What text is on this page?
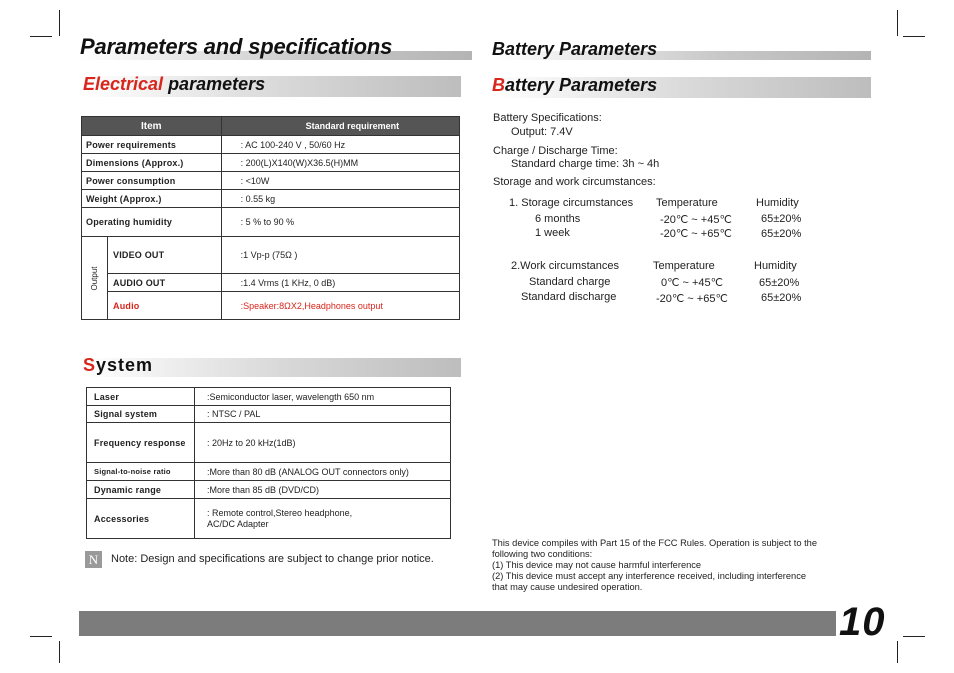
Parameters and specifications	Battery Parameters
Electrical parameters
Item		Standard requirement

Power requirements		: AC 100-240 V , 50/60 Hz
Dimensions (Approx.)		: 200(L)X140(W)X36.5(H)MM
Power consumption		: <10W
Weight (Approx.)		: 0.55 kg
Operating humidity		: 5 % to 90 %

Output	VIDEO OUT	:1 Vp-p (75Ω )
	AUDIO OUT	:1.4 Vrms (1 KHz, 0 dB)
	Audio	:Speaker:8ΩX2,Headphones output
System
Laser	:Semiconductor laser, wavelength 650 nm
Signal system	: NTSC / PAL
Frequency response	: 20Hz to 20 kHz(1dB)
Signal-to-noise ratio	:More than 80 dB (ANALOG OUT connectors only)
Dynamic range	:More than 85 dB (DVD/CD)
Accessories	: Remote control,Stereo headphone,
AC/DC Adapter
N	Note: Design and specifications are subject to change prior notice.
Battery Parameters
Battery Specifications:
Output: 7.4V
Charge / Discharge Time:
Standard charge time: 3h ~ 4h
Storage and work circumstances:
1. Storage circumstances Temperature	Humidity
6 months	-20℃ ~ +45℃	65±20%
1 week	-20℃ ~ +65℃	65±20%
2.Work circumstances	Temperature	Humidity
Standard charge	0℃ ~ +45℃	65±20%
Standard discharge	-20℃ ~ +65℃	65±20%
This device compiles with Part 15 of the FCC Rules. Operation is subject to the
following two conditions:
(1) This device may not cause harmful interference
(2) This device must accept any interference received, including interference
that may cause undesired operation.
10
